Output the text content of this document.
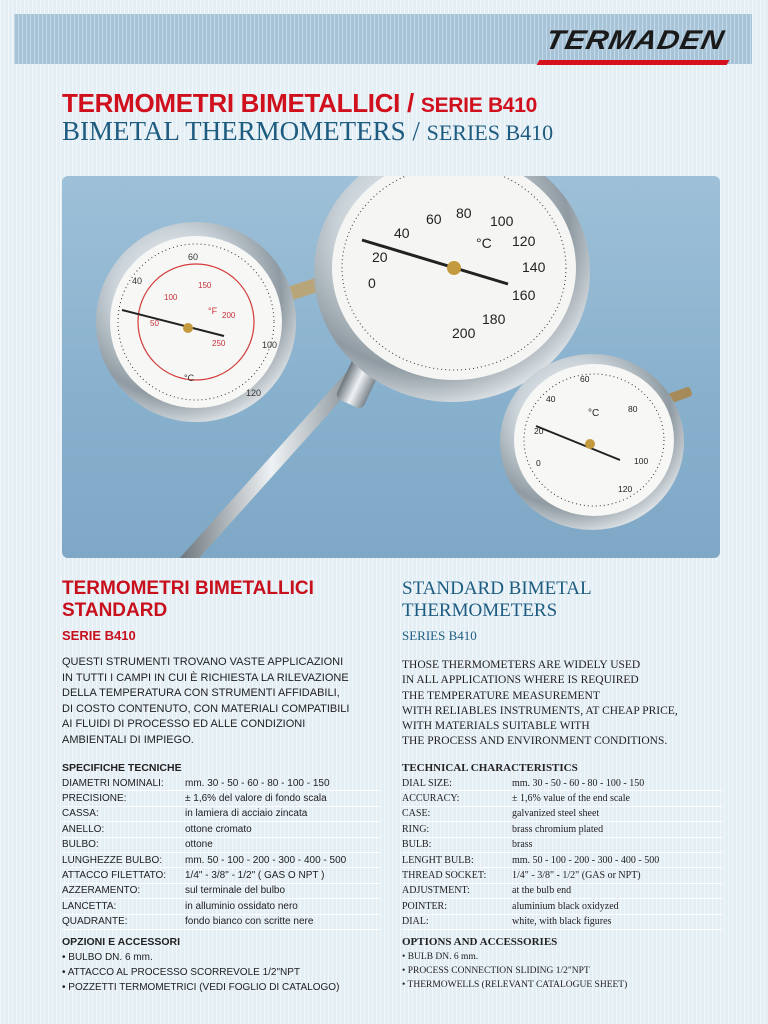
TERMADEN
TERMOMETRI BIMETALLICI / SERIE B410
BIMETAL THERMOMETERS / SERIES B410
°F
°C
40
60
100
120
50
100
150
200
250
0
20
40
60 80 100
120
140
160
180
200
°C
0
20
40
60
80
100
120
°C
TERMOMETRI BIMETALLICI
STANDARD

SERIE B410

QUESTI STRUMENTI TROVANO VASTE APPLICAZIONI

IN TUTTI I CAMPI IN CUI È RICHIESTA LA RILEVAZIONE

DELLA TEMPERATURA CON STRUMENTI AFFIDABILI,

DI COSTO CONTENUTO, CON MATERIALI COMPATIBILI

AI FLUIDI DI PROCESSO ED ALLE CONDIZIONI

AMBIENTALI DI IMPIEGO.

STANDARD BIMETAL
THERMOMETERS

SERIES B410

THOSE THERMOMETERS ARE WIDELY USED

IN ALL APPLICATIONS WHERE IS REQUIRED

THE TEMPERATURE MEASUREMENT

WITH RELIABLES INSTRUMENTS, AT CHEAP PRICE,

WITH MATERIALS SUITABLE WITH

THE PROCESS AND ENVIRONMENT CONDITIONS.

SPECIFICHE TECNICHE

DIAMETRI NOMINALI:	mm. 30 - 50 - 60 - 80 - 100 - 150
PRECISIONE:	± 1,6% del valore di fondo scala
CASSA:	in lamiera di acciaio zincata
ANELLO:	ottone cromato
BULBO:	ottone
LUNGHEZZE BULBO:	mm. 50 - 100 - 200 - 300 - 400 - 500
ATTACCO FILETTATO:	1/4" - 3/8" - 1/2" ( GAS O NPT )
AZZERAMENTO:	sul terminale del bulbo
LANCETTA:	in alluminio ossidato nero
QUADRANTE:	fondo bianco con scritte nere

TECHNICAL CHARACTERISTICS

DIAL SIZE:	mm. 30 - 50 - 60 - 80 - 100 - 150
ACCURACY:	± 1,6% value of the end scale
CASE:	galvanized steel sheet
RING:	brass chromium plated
BULB:	brass
LENGHT BULB:	mm. 50 - 100 - 200 - 300 - 400 - 500
THREAD SOCKET:	1/4" - 3/8" - 1/2" (GAS or NPT)
ADJUSTMENT:	at the bulb end
POINTER:	aluminium black oxidyzed
DIAL:	white, with black figures

OPZIONI E ACCESSORI

• BULBO DN. 6 mm.
• ATTACCO AL PROCESSO SCORREVOLE 1/2"NPT
• POZZETTI TERMOMETRICI (VEDI FOGLIO DI CATALOGO)

OPTIONS AND ACCESSORIES

• BULB DN. 6 mm.
• PROCESS CONNECTION SLIDING 1/2"NPT
• THERMOWELLS (RELEVANT CATALOGUE SHEET)
